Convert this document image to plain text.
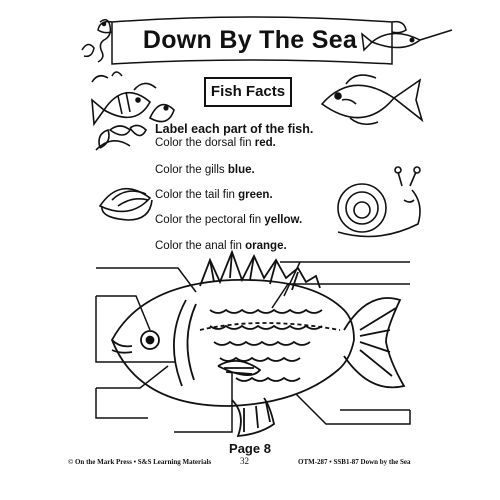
Down By The Sea
Fish Facts
Label each part of the fish.
Color the dorsal fin red.
Color the gills blue.
Color the tail fin green.
Color the pectoral fin yellow.
Color the anal fin orange.
Page 8
32
© On the Mark Press • S&S Learning Materials	OTM-287 • SSB1-87 Down by the Sea
